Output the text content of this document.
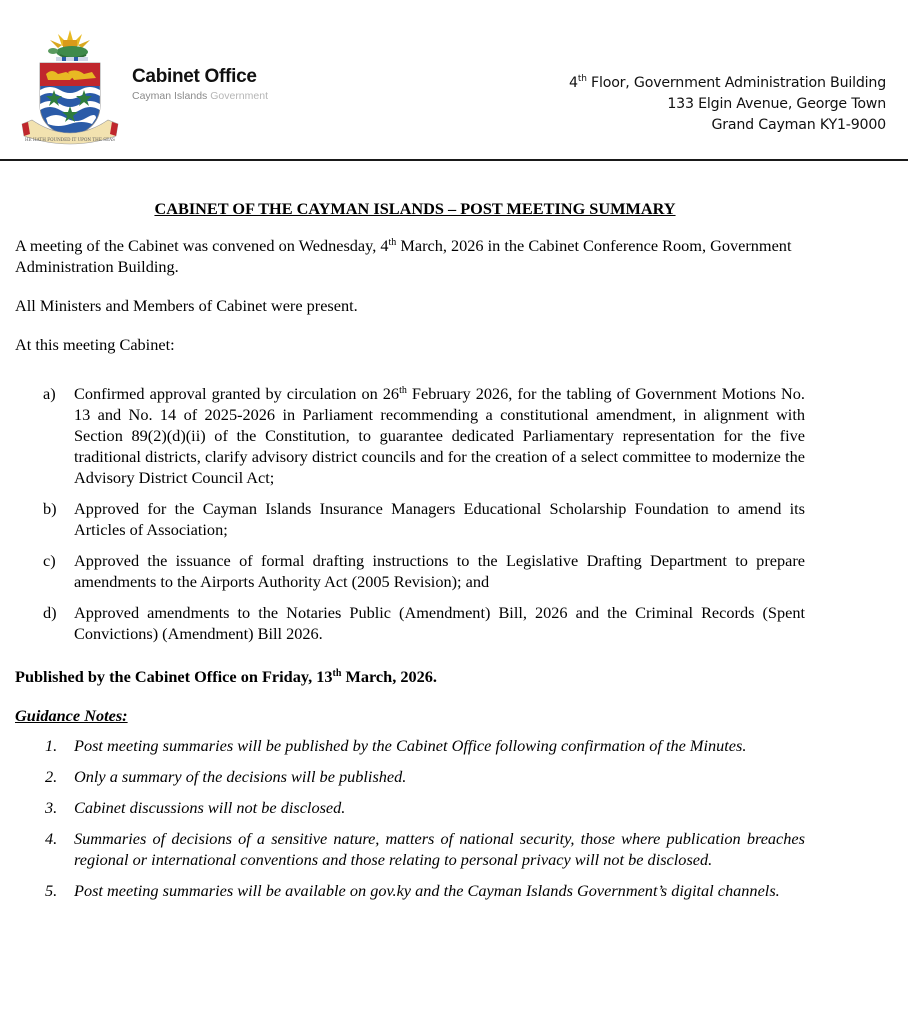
HE HATH FOUNDED IT UPON THE SEAS
Cabinet Office
Cayman Islands Government
4th Floor, Government Administration Building
133 Elgin Avenue, George Town
Grand Cayman KY1-9000
CABINET OF THE CAYMAN ISLANDS – POST MEETING SUMMARY

A meeting of the Cabinet was convened on Wednesday, 4th March, 2026 in the Cabinet Conference Room, Government Administration Building.

All Ministers and Members of Cabinet were present.

At this meeting Cabinet:

a)	Confirmed approval granted by circulation on 26th February 2026, for the tabling of Government Motions No. 13 and No. 14 of 2025-2026 in Parliament recommending a constitutional amendment, in alignment with Section 89(2)(d)(ii) of the Constitution, to guarantee dedicated Parliamentary representation for the five traditional districts, clarify advisory district councils and for the creation of a select committee to modernize the Advisory District Council Act;
b)	Approved for the Cayman Islands Insurance Managers Educational Scholarship Foundation to amend its Articles of Association;
c)	Approved the issuance of formal drafting instructions to the Legislative Drafting Department to prepare amendments to the Airports Authority Act (2005 Revision); and
d)	Approved amendments to the Notaries Public (Amendment) Bill, 2026 and the Criminal Records (Spent Convictions) (Amendment) Bill 2026.
Published by the Cabinet Office on Friday, 13th March, 2026.
Guidance Notes:
1.	Post meeting summaries will be published by the Cabinet Office following confirmation of the Minutes.
2.	Only a summary of the decisions will be published.
3.	Cabinet discussions will not be disclosed.
4.	Summaries of decisions of a sensitive nature, matters of national security, those where publication breaches regional or international conventions and those relating to personal privacy will not be disclosed.
5.	Post meeting summaries will be available on gov.ky and the Cayman Islands Government’s digital channels.
